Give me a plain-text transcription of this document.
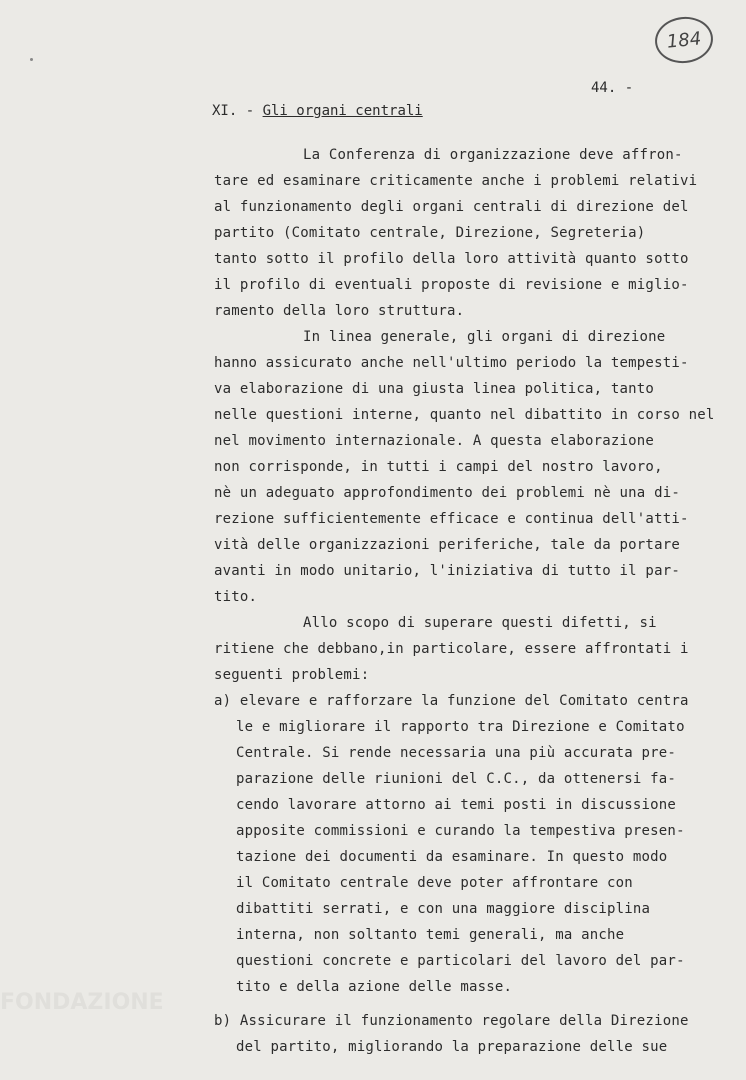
184
44. -
XI. - Gli organi centrali
La Conferenza di organizzazione deve affron-
tare ed esaminare criticamente anche i problemi relativi
al funzionamento degli organi centrali di direzione del
partito (Comitato centrale, Direzione, Segreteria)
tanto sotto il profilo della loro attività quanto sotto
il profilo di eventuali proposte di revisione e miglio-
ramento della loro struttura.
In linea generale, gli organi di direzione
hanno assicurato anche nell'ultimo periodo la tempesti-
va elaborazione di una giusta linea politica, tanto
nelle questioni interne, quanto nel dibattito in corso nel
nel movimento internazionale. A questa elaborazione
non corrisponde, in tutti i campi del nostro lavoro,
nè un adeguato approfondimento dei problemi nè una di-
rezione sufficientemente efficace e continua dell'atti-
vità delle organizzazioni periferiche, tale da portare
avanti in modo unitario, l'iniziativa di tutto il par-
tito.
Allo scopo di superare questi difetti, si
ritiene che debbano,in particolare, essere affrontati i
seguenti problemi:
a) elevare e rafforzare la funzione del Comitato centra
le e migliorare il rapporto tra Direzione e Comitato
Centrale. Si rende necessaria una più accurata pre-
parazione delle riunioni del C.C., da ottenersi fa-
cendo lavorare attorno ai temi posti in discussione
apposite commissioni e curando la tempestiva presen-
tazione dei documenti da esaminare. In questo modo
il Comitato centrale deve poter affrontare con
dibattiti serrati, e con una maggiore disciplina
interna, non soltanto temi generali, ma anche
questioni concrete e particolari del lavoro del par-
tito e della azione delle masse.
b) Assicurare il funzionamento regolare della Direzione
del partito, migliorando la preparazione delle sue
FONDAZIONE
